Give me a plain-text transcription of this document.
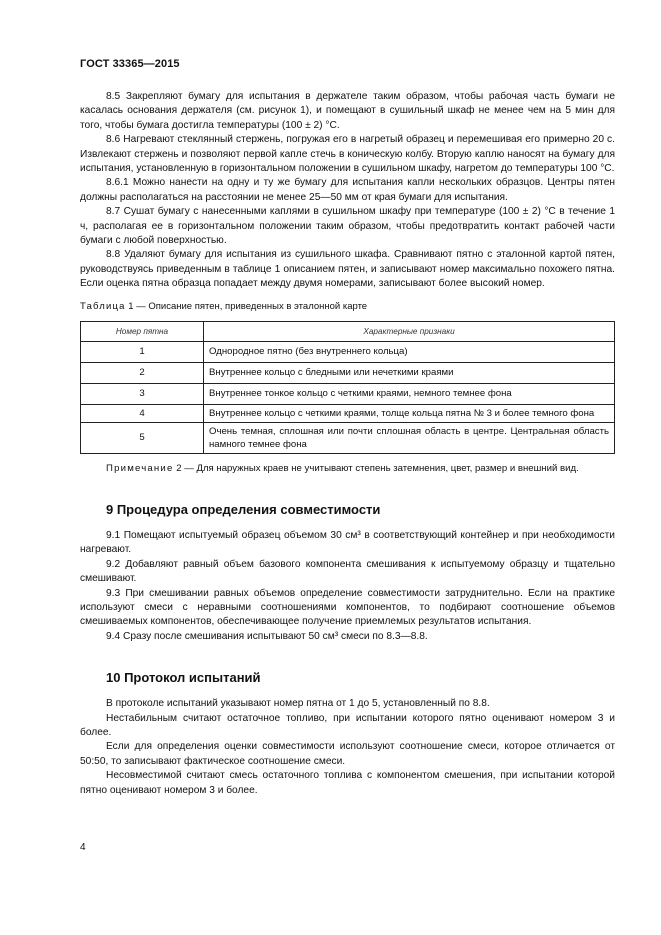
ГОСТ 33365—2015

8.5 Закрепляют бумагу для испытания в держателе таким образом, чтобы рабочая часть бумаги не касалась основания держателя (см. рисунок 1), и помещают в сушильный шкаф не менее чем на 5 мин для того, чтобы бумага достигла температуры (100 ± 2) °С.

8.6 Нагревают стеклянный стержень, погружая его в нагретый образец и перемешивая его примерно 20 с. Извлекают стержень и позволяют первой капле стечь в коническую колбу. Вторую каплю наносят на бумагу для испытания, установленную в горизонтальном положении в сушильном шкафу, нагретом до температуры 100 °С.

8.6.1 Можно нанести на одну и ту же бумагу для испытания капли нескольких образцов. Центры пятен должны располагаться на расстоянии не менее 25—50 мм от края бумаги для испытания.

8.7 Сушат бумагу с нанесенными каплями в сушильном шкафу при температуре (100 ± 2) °С в течение 1 ч, располагая ее в горизонтальном положении таким образом, чтобы предотвратить контакт рабочей части бумаги с любой поверхностью.

8.8 Удаляют бумагу для испытания из сушильного шкафа. Сравнивают пятно с эталонной картой пятен, руководствуясь приведенным в таблице 1 описанием пятен, и записывают номер максимально похожего пятна. Если оценка пятна образца попадает между двумя номерами, записывают более высокий номер.

Таблица 1 — Описание пятен, приведенных в эталонной карте
Номер пятна	Характерные признаки
1	Однородное пятно (без внутреннего кольца)
2	Внутреннее кольцо с бледными или нечеткими краями
3	Внутреннее тонкое кольцо с четкими краями, немного темнее фона
4	Внутреннее кольцо с четкими краями, толще кольца пятна № 3 и более темного фона
5	Очень темная, сплошная или почти сплошная область в центре. Центральная область намного темнее фона
Примечание 2 — Для наружных краев не учитывают степень затемнения, цвет, размер и внешний вид.
9 Процедура определения совместимости

9.1 Помещают испытуемый образец объемом 30 см³ в соответствующий контейнер и при необходимости нагревают.

9.2 Добавляют равный объем базового компонента смешивания к испытуемому образцу и тщательно смешивают.

9.3 При смешивании равных объемов определение совместимости затруднительно. Если на практике используют смеси с неравными соотношениями компонентов, то подбирают соотношение объемов смешиваемых компонентов, обеспечивающее получение приемлемых результатов испытания.

9.4 Сразу после смешивания испытывают 50 см³ смеси по 8.3—8.8.

10 Протокол испытаний

В протоколе испытаний указывают номер пятна от 1 до 5, установленный по 8.8.

Нестабильным считают остаточное топливо, при испытании которого пятно оценивают номером 3 и более.

Если для определения оценки совместимости используют соотношение смеси, которое отличается от 50:50, то записывают фактическое соотношение смеси.

Несовместимой считают смесь остаточного топлива с компонентом смешения, при испытании которой пятно оценивают номером 3 и более.

4
